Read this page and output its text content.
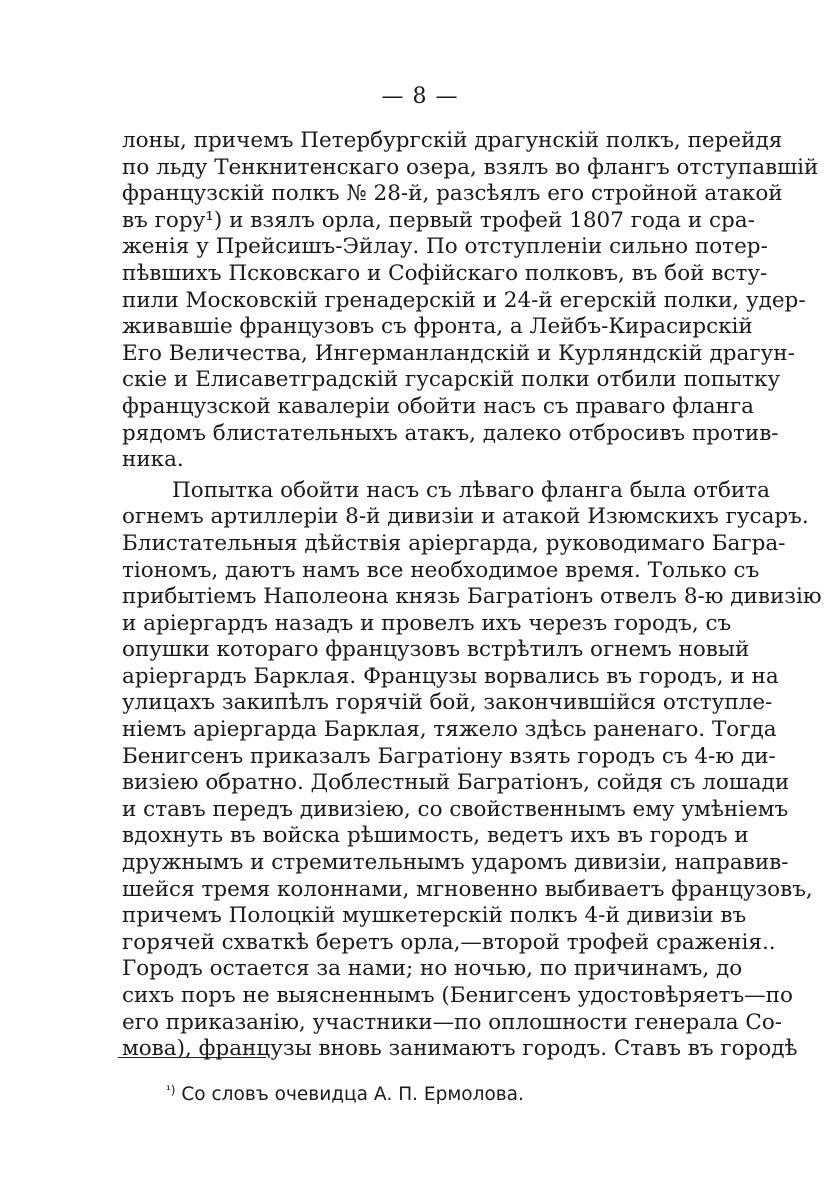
— 8 —
лоны, причемъ Петербургскій драгунскій полкъ, перейдя
по льду Тенкнитенскаго озера, взялъ во флангъ отступавшій
французскій полкъ № 28-й, разсѣялъ его стройной атакой
въ гору¹) и взялъ орла, первый трофей 1807 года и сра-
женія у Прейсишъ-Эйлау. По отступленіи сильно потер-
пѣвшихъ Псковскаго и Софійскаго полковъ, въ бой всту-
пили Московскій гренадерскій и 24-й егерскій полки, удер-
живавшіе французовъ съ фронта, а Лейбъ-Кирасирскій
Его Величества, Ингерманландскій и Курляндскій драгун-
скіе и Елисаветградскій гусарскій полки отбили попытку
французской кавалеріи обойти насъ съ праваго фланга
рядомъ блистательныхъ атакъ, далеко отбросивъ против-
ника.
Попытка обойти насъ съ лѣваго фланга была отбита
огнемъ артиллеріи 8-й дивизіи и атакой Изюмскихъ гусаръ.
Блистательныя дѣйствія аріергарда, руководимаго Багра-
тіономъ, даютъ намъ все необходимое время. Только съ
прибытіемъ Наполеона князь Багратіонъ отвелъ 8-ю дивизію
и аріергардъ назадъ и провелъ ихъ черезъ городъ, съ
опушки котораго французовъ встрѣтилъ огнемъ новый
аріергардъ Барклая. Французы ворвались въ городъ, и на
улицахъ закипѣлъ горячій бой, закончившійся отступле-
ніемъ аріергарда Барклая, тяжело здѣсь раненаго. Тогда
Бенигсенъ приказалъ Багратіону взять городъ съ 4-ю ди-
визіею обратно. Доблестный Багратіонъ, сойдя съ лошади
и ставъ передъ дивизіею, со свойственнымъ ему умѣніемъ
вдохнуть въ войска рѣшимость, ведетъ ихъ въ городъ и
дружнымъ и стремительнымъ ударомъ дивизіи, направив-
шейся тремя колоннами, мгновенно выбиваетъ французовъ,
причемъ Полоцкій мушкетерскій полкъ 4-й дивизіи въ
горячей схваткѣ беретъ орла,—второй трофей сраженія..
Городъ остается за нами; но ночью, по причинамъ, до
сихъ поръ не выясненнымъ (Бенигсенъ удостовѣряетъ—по
его приказанію, участники—по оплошности генерала Со-
мова), французы вновь занимаютъ городъ. Ставъ въ городѣ
$^{^1)}$ Со словъ очевидца А. П. Ермолова.
